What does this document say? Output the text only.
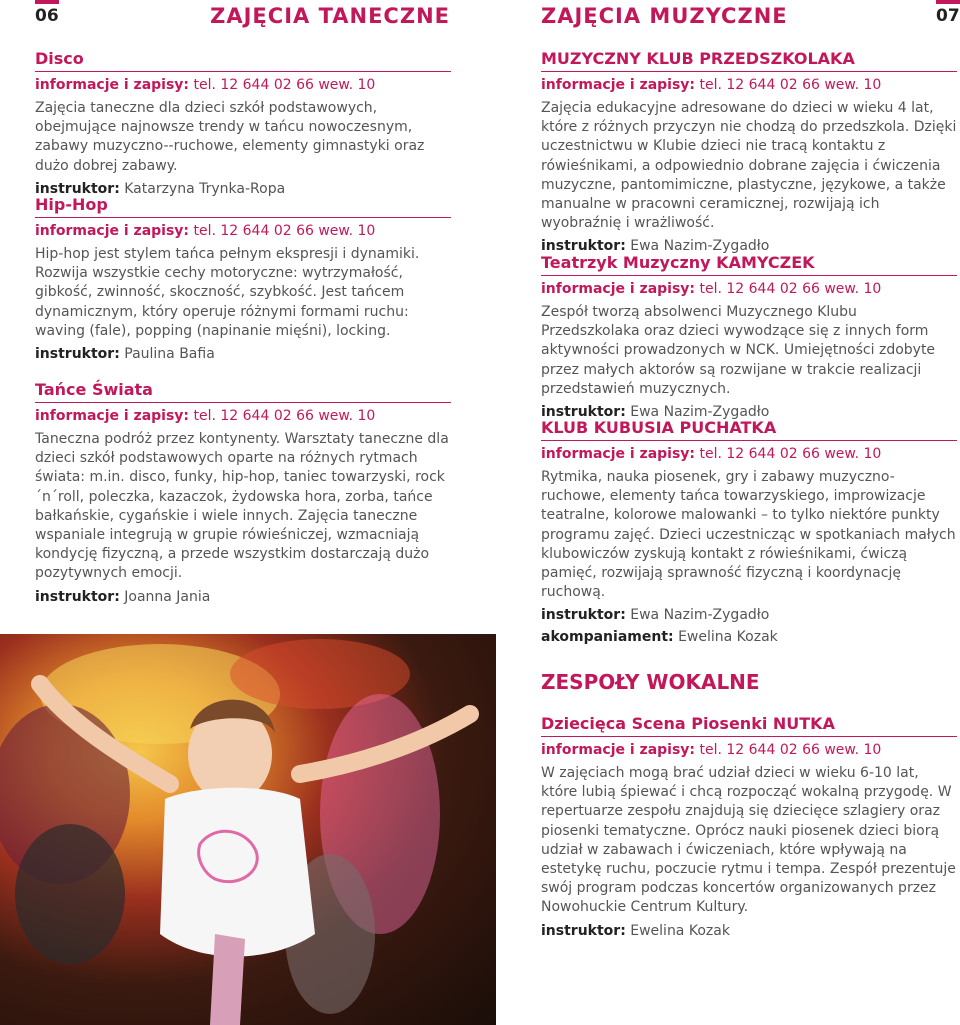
06	ZAJĘCIA TANECZNE
Disco
informacje i zapisy: tel. 12 644 02 66 wew. 10
Zajęcia taneczne dla dzieci szkół podstawowych, obejmujące najnowsze trendy w tańcu nowoczesnym, zabawy muzyczno--ruchowe, elementy gimnastyki oraz dużo dobrej zabawy.
instruktor: Katarzyna Trynka-Ropa
Hip-Hop
informacje i zapisy: tel. 12 644 02 66 wew. 10
Hip-hop jest stylem tańca pełnym ekspresji i dynamiki. Rozwija wszystkie cechy motoryczne: wytrzymałość, gibkość, zwinność, skoczność, szybkość. Jest tańcem dynamicznym, który operuje różnymi formami ruchu: waving (fale), popping (napinanie mięśni), locking.
instruktor: Paulina Bafia
Tańce Świata
informacje i zapisy: tel. 12 644 02 66 wew. 10
Taneczna podróż przez kontynenty. Warsztaty taneczne dla dzieci szkół podstawowych oparte na różnych rytmach świata: m.in. disco, funky, hip-hop, taniec towarzyski, rock´n´roll, poleczka, kazaczok, żydowska hora, zorba, tańce bałkańskie, cygańskie i wiele innych. Zajęcia taneczne wspaniale integrują w grupie rówieśniczej, wzmacniają kondycję fizyczną, a przede wszystkim dostarczają dużo pozytywnych emocji.
instruktor: Joanna Jania
ZAJĘCIA MUZYCZNE	07
MUZYCZNY KLUB PRZEDSZKOLAKA
informacje i zapisy: tel. 12 644 02 66 wew. 10
Zajęcia edukacyjne adresowane do dzieci w wieku 4 lat, które z różnych przyczyn nie chodzą do przedszkola. Dzięki uczestnictwu w Klubie dzieci nie tracą kontaktu z rówieśnikami, a odpowiednio dobrane zajęcia i ćwiczenia muzyczne, pantomimiczne, plastyczne, językowe, a także manualne w pracowni ceramicznej, rozwijają ich wyobraźnię i wrażliwość.
instruktor: Ewa Nazim-Zygadło
Teatrzyk Muzyczny KAMYCZEK
informacje i zapisy: tel. 12 644 02 66 wew. 10
Zespół tworzą absolwenci Muzycznego Klubu Przedszkolaka oraz dzieci wywodzące się z innych form aktywności prowadzonych w NCK. Umiejętności zdobyte przez małych aktorów są rozwijane w trakcie realizacji przedstawień muzycznych.
instruktor: Ewa Nazim-Zygadło
KLUB KUBUSIA PUCHATKA
informacje i zapisy: tel. 12 644 02 66 wew. 10
Rytmika, nauka piosenek, gry i zabawy muzyczno-ruchowe, elementy tańca towarzyskiego, improwizacje teatralne, kolorowe malowanki – to tylko niektóre punkty programu zajęć. Dzieci uczestnicząc w spotkaniach małych klubowiczów zyskują kontakt z rówieśnikami, ćwiczą pamięć, rozwijają sprawność fizyczną i koordynację ruchową.
instruktor: Ewa Nazim-Zygadło
akompaniament: Ewelina Kozak
ZESPOŁY WOKALNE
Dziecięca Scena Piosenki NUTKA
informacje i zapisy: tel. 12 644 02 66 wew. 10
W zajęciach mogą brać udział dzieci w wieku 6-10 lat, które lubią śpiewać i chcą rozpocząć wokalną przygodę. W repertuarze zespołu znajdują się dziecięce szlagiery oraz piosenki tematyczne. Oprócz nauki piosenek dzieci biorą udział w zabawach i ćwiczeniach, które wpływają na estetykę ruchu, poczucie rytmu i tempa. Zespół prezentuje swój program podczas koncertów organizowanych przez Nowohuckie Centrum Kultury.
instruktor: Ewelina Kozak
